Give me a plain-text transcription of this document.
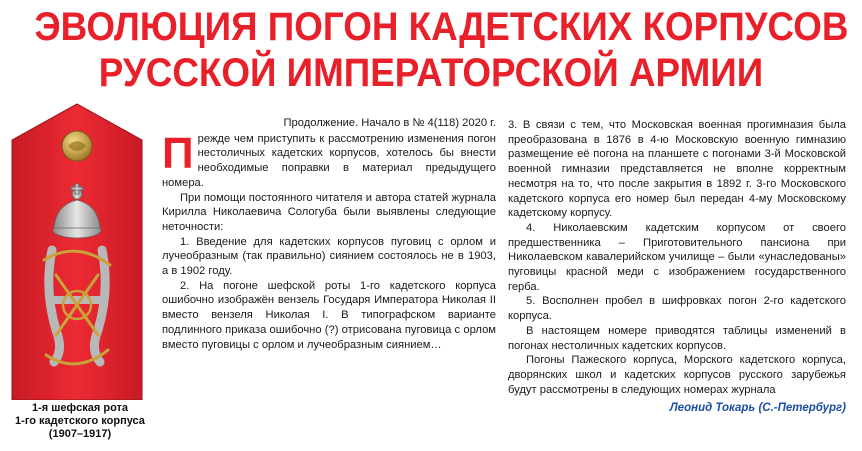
ЭВОЛЮЦИЯ ПОГОН КАДЕТСКИХ КОРПУСОВ
РУССКОЙ ИМПЕРАТОРСКОЙ АРМИИ
1-я шефская рота
1-го кадетского корпуса
(1907–1917)
Продолжение. Начало в № 4(118) 2020 г.

Прежде чем приступить к рассмотрению изменения погон нестоличных кадетских корпусов, хотелось бы внести необходимые поправки в материал предыдущего номера.

При помощи постоянного читателя и автора статей журнала Кирилла Николаевича Сологуба были выявлены следующие неточности:

1. Введение для кадетских корпусов пуговиц с орлом и лучеобразным (так правильно) сиянием состоялось не в 1903, а в 1902 году.

2. На погоне шефской роты 1-го кадетского корпуса ошибочно изображён вензель Государя Императора Николая II вместо вензеля Николая I. В типографском варианте подлинного приказа ошибочно (?) отрисована пуговица с орлом вместо пуговицы с орлом и лучеобразным сиянием…

3. В связи с тем, что Московская военная прогимназия была преобразована в 1876 в 4-ю Московскую военную гимназию размещение её погона на планшете с погонами 3-й Московской военной гимназии представляется не вполне корректным несмотря на то, что после закрытия в 1892 г. 3-го Московского кадетского корпуса его номер был передан 4-му Московскому кадетскому корпусу.

4. Николаевским кадетским корпусом от своего предшественника – Приготовительного пансиона при Николаевском кавалерийском училище – были «унаследованы» пуговицы красной меди с изображением государственного герба.

5. Восполнен пробел в шифровках погон 2-го кадетского корпуса.

В настоящем номере приводятся таблицы изменений в погонах нестоличных кадетских корпусов.

Погоны Пажеского корпуса, Морского кадетского корпуса, дворянских школ и кадетских корпусов русского зарубежья будут рассмотрены в следующих номерах журнала

Леонид Токарь (С.-Петербург)
